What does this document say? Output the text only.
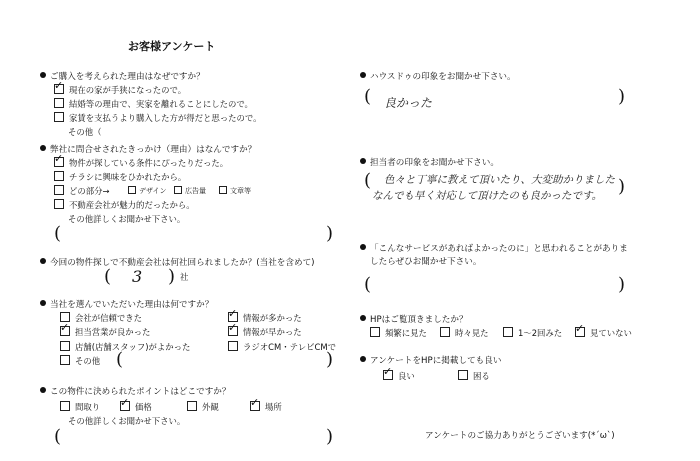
お客様アンケート
ご購入を考えられた理由はなぜですか？
✓ 現在の家が手狭になったので。
結婚等の理由で、実家を離れることにしたので。
家賃を支払うより購入した方が得だと思ったので。
その他（
弊社に問合せされたきっかけ（理由）はなんですか？
✓ 物件が探している条件にぴったりだった。
チラシに興味をひかれたから。
どの部分→	デザイン	広告量	文章等
不動産会社が魅力的だったから。
その他詳しくお聞かせ下さい。
(	)
今回の物件探しで不動産会社は何社回られましたか？(当社を含めて)
( 3 ) 社
当社を選んでいただいた理由は何ですか？
会社が信頼できた
✓ 担当営業が良かった
店舗(店舗スタッフ)がよかった
その他 (	)
✓ 情報が多かった
✓ 情報が早かった
ラジオCM・テレビCMで
この物件に決められたポイントはどこですか？
間取り ✓ 価格	外観	✓ 場所
その他詳しくお聞かせ下さい。
(	)
ハウスドゥの印象をお聞かせ下さい。
( 良かった	)
担当者の印象をお聞かせ下さい。
( 色々と丁寧に教えて頂いたり、大変助かりました
なんでも早く対応して頂けたのも良かったです。 )
「こんなサービスがあればよかったのに」と思われることがありま
したらぜひお聞かせ下さい。
(	)
HPはご覧頂きましたか？
頻繁に見た	時々見た	1〜2回みた ✓ 見ていない
アンケートをHPに掲載しても良い
✓ 良い	困る
アンケートのご協力ありがとうございます(*´ω`)
